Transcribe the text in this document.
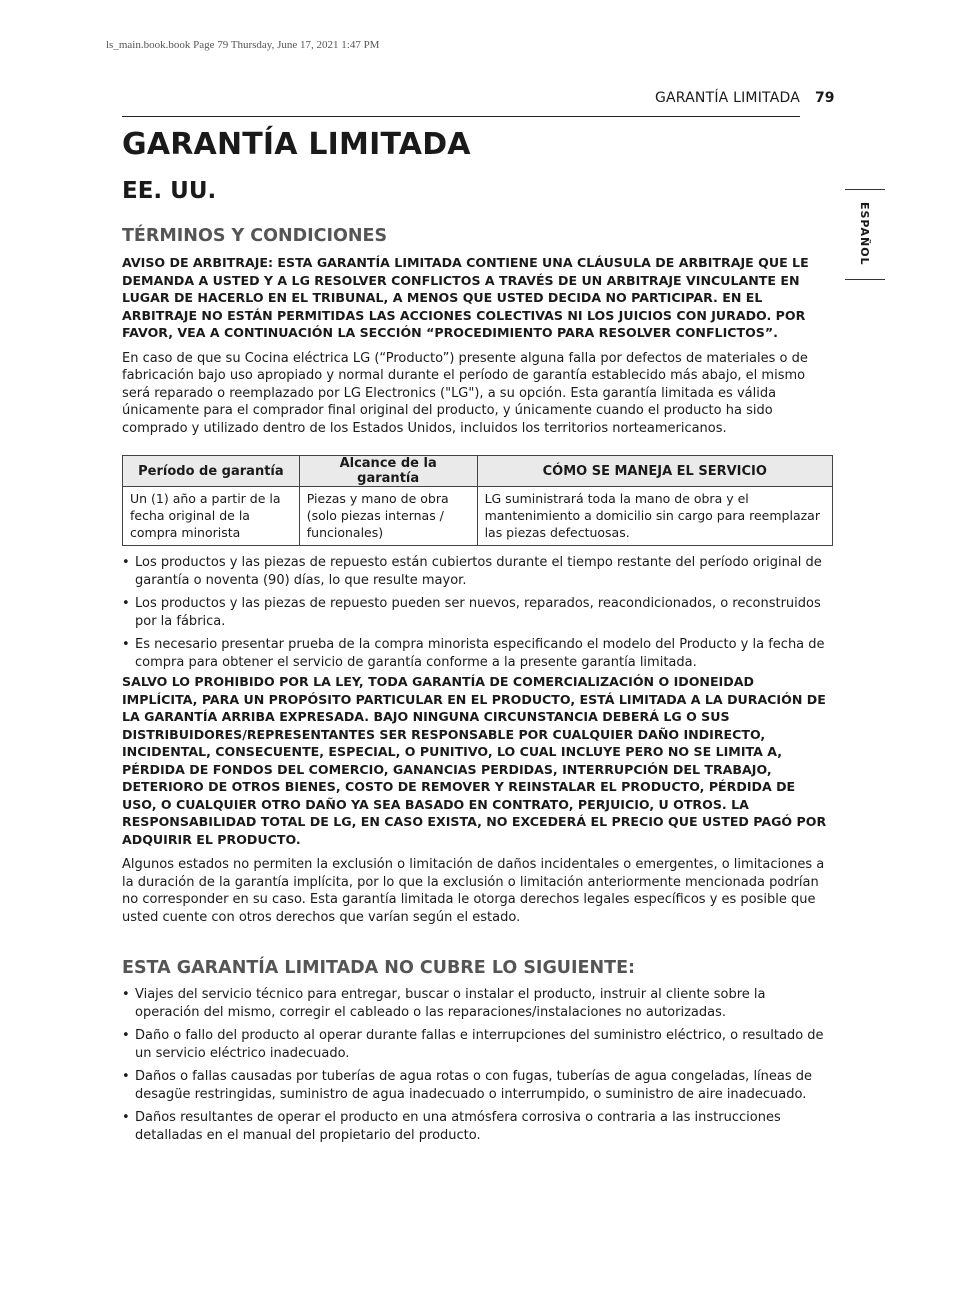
ls_main.book.book Page 79 Thursday, June 17, 2021 1:47 PM
GARANTÍA LIMITADA 79
ESPAÑOL
GARANTÍA LIMITADA
EE. UU.
TÉRMINOS Y CONDICIONES

AVISO DE ARBITRAJE: ESTA GARANTÍA LIMITADA CONTIENE UNA CLÁUSULA DE ARBITRAJE QUE LE DEMANDA A USTED Y A LG RESOLVER CONFLICTOS A TRAVÉS DE UN ARBITRAJE VINCULANTE EN LUGAR DE HACERLO EN EL TRIBUNAL, A MENOS QUE USTED DECIDA NO PARTICIPAR. EN EL ARBITRAJE NO ESTÁN PERMITIDAS LAS ACCIONES COLECTIVAS NI LOS JUICIOS CON JURADO. POR FAVOR, VEA A CONTINUACIÓN LA SECCIÓN “PROCEDIMIENTO PARA RESOLVER CONFLICTOS”.

En caso de que su Cocina eléctrica LG (“Producto”) presente alguna falla por defectos de materiales o de fabricación bajo uso apropiado y normal durante el período de garantía establecido más abajo, el mismo será reparado o reemplazado por LG Electronics ("LG"), a su opción. Esta garantía limitada es válida únicamente para el comprador final original del producto, y únicamente cuando el producto ha sido comprado y utilizado dentro de los Estados Unidos, incluidos los territorios norteamericanos.

Período de garantía	Alcance de la garantía	CÓMO SE MANEJA EL SERVICIO
Un (1) año a partir de la fecha original de la compra minorista	Piezas y mano de obra (solo piezas internas / funcionales)	LG suministrará toda la mano de obra y el mantenimiento a domicilio sin cargo para reemplazar las piezas defectuosas.
• Los productos y las piezas de repuesto están cubiertos durante el tiempo restante del período original de garantía o noventa (90) días, lo que resulte mayor.
• Los productos y las piezas de repuesto pueden ser nuevos, reparados, reacondicionados, o reconstruidos por la fábrica.
• Es necesario presentar prueba de la compra minorista especificando el modelo del Producto y la fecha de compra para obtener el servicio de garantía conforme a la presente garantía limitada.

SALVO LO PROHIBIDO POR LA LEY, TODA GARANTÍA DE COMERCIALIZACIÓN O IDONEIDAD IMPLÍCITA, PARA UN PROPÓSITO PARTICULAR EN EL PRODUCTO, ESTÁ LIMITADA A LA DURACIÓN DE LA GARANTÍA ARRIBA EXPRESADA. BAJO NINGUNA CIRCUNSTANCIA DEBERÁ LG O SUS DISTRIBUIDORES/REPRESENTANTES SER RESPONSABLE POR CUALQUIER DAÑO INDIRECTO, INCIDENTAL, CONSECUENTE, ESPECIAL, O PUNITIVO, LO CUAL INCLUYE PERO NO SE LIMITA A, PÉRDIDA DE FONDOS DEL COMERCIO, GANANCIAS PERDIDAS, INTERRUPCIÓN DEL TRABAJO, DETERIORO DE OTROS BIENES, COSTO DE REMOVER Y REINSTALAR EL PRODUCTO, PÉRDIDA DE USO, O CUALQUIER OTRO DAÑO YA SEA BASADO EN CONTRATO, PERJUICIO, U OTROS. LA RESPONSABILIDAD TOTAL DE LG, EN CASO EXISTA, NO EXCEDERÁ EL PRECIO QUE USTED PAGÓ POR ADQUIRIR EL PRODUCTO.

Algunos estados no permiten la exclusión o limitación de daños incidentales o emergentes, o limitaciones a la duración de la garantía implícita, por lo que la exclusión o limitación anteriormente mencionada podrían no corresponder en su caso. Esta garantía limitada le otorga derechos legales específicos y es posible que usted cuente con otros derechos que varían según el estado.

ESTA GARANTÍA LIMITADA NO CUBRE LO SIGUIENTE:
• Viajes del servicio técnico para entregar, buscar o instalar el producto, instruir al cliente sobre la operación del mismo, corregir el cableado o las reparaciones/instalaciones no autorizadas.
• Daño o fallo del producto al operar durante fallas e interrupciones del suministro eléctrico, o resultado de un servicio eléctrico inadecuado.
• Daños o fallas causadas por tuberías de agua rotas o con fugas, tuberías de agua congeladas, líneas de desagüe restringidas, suministro de agua inadecuado o interrumpido, o suministro de aire inadecuado.
• Daños resultantes de operar el producto en una atmósfera corrosiva o contraria a las instrucciones detalladas en el manual del propietario del producto.
